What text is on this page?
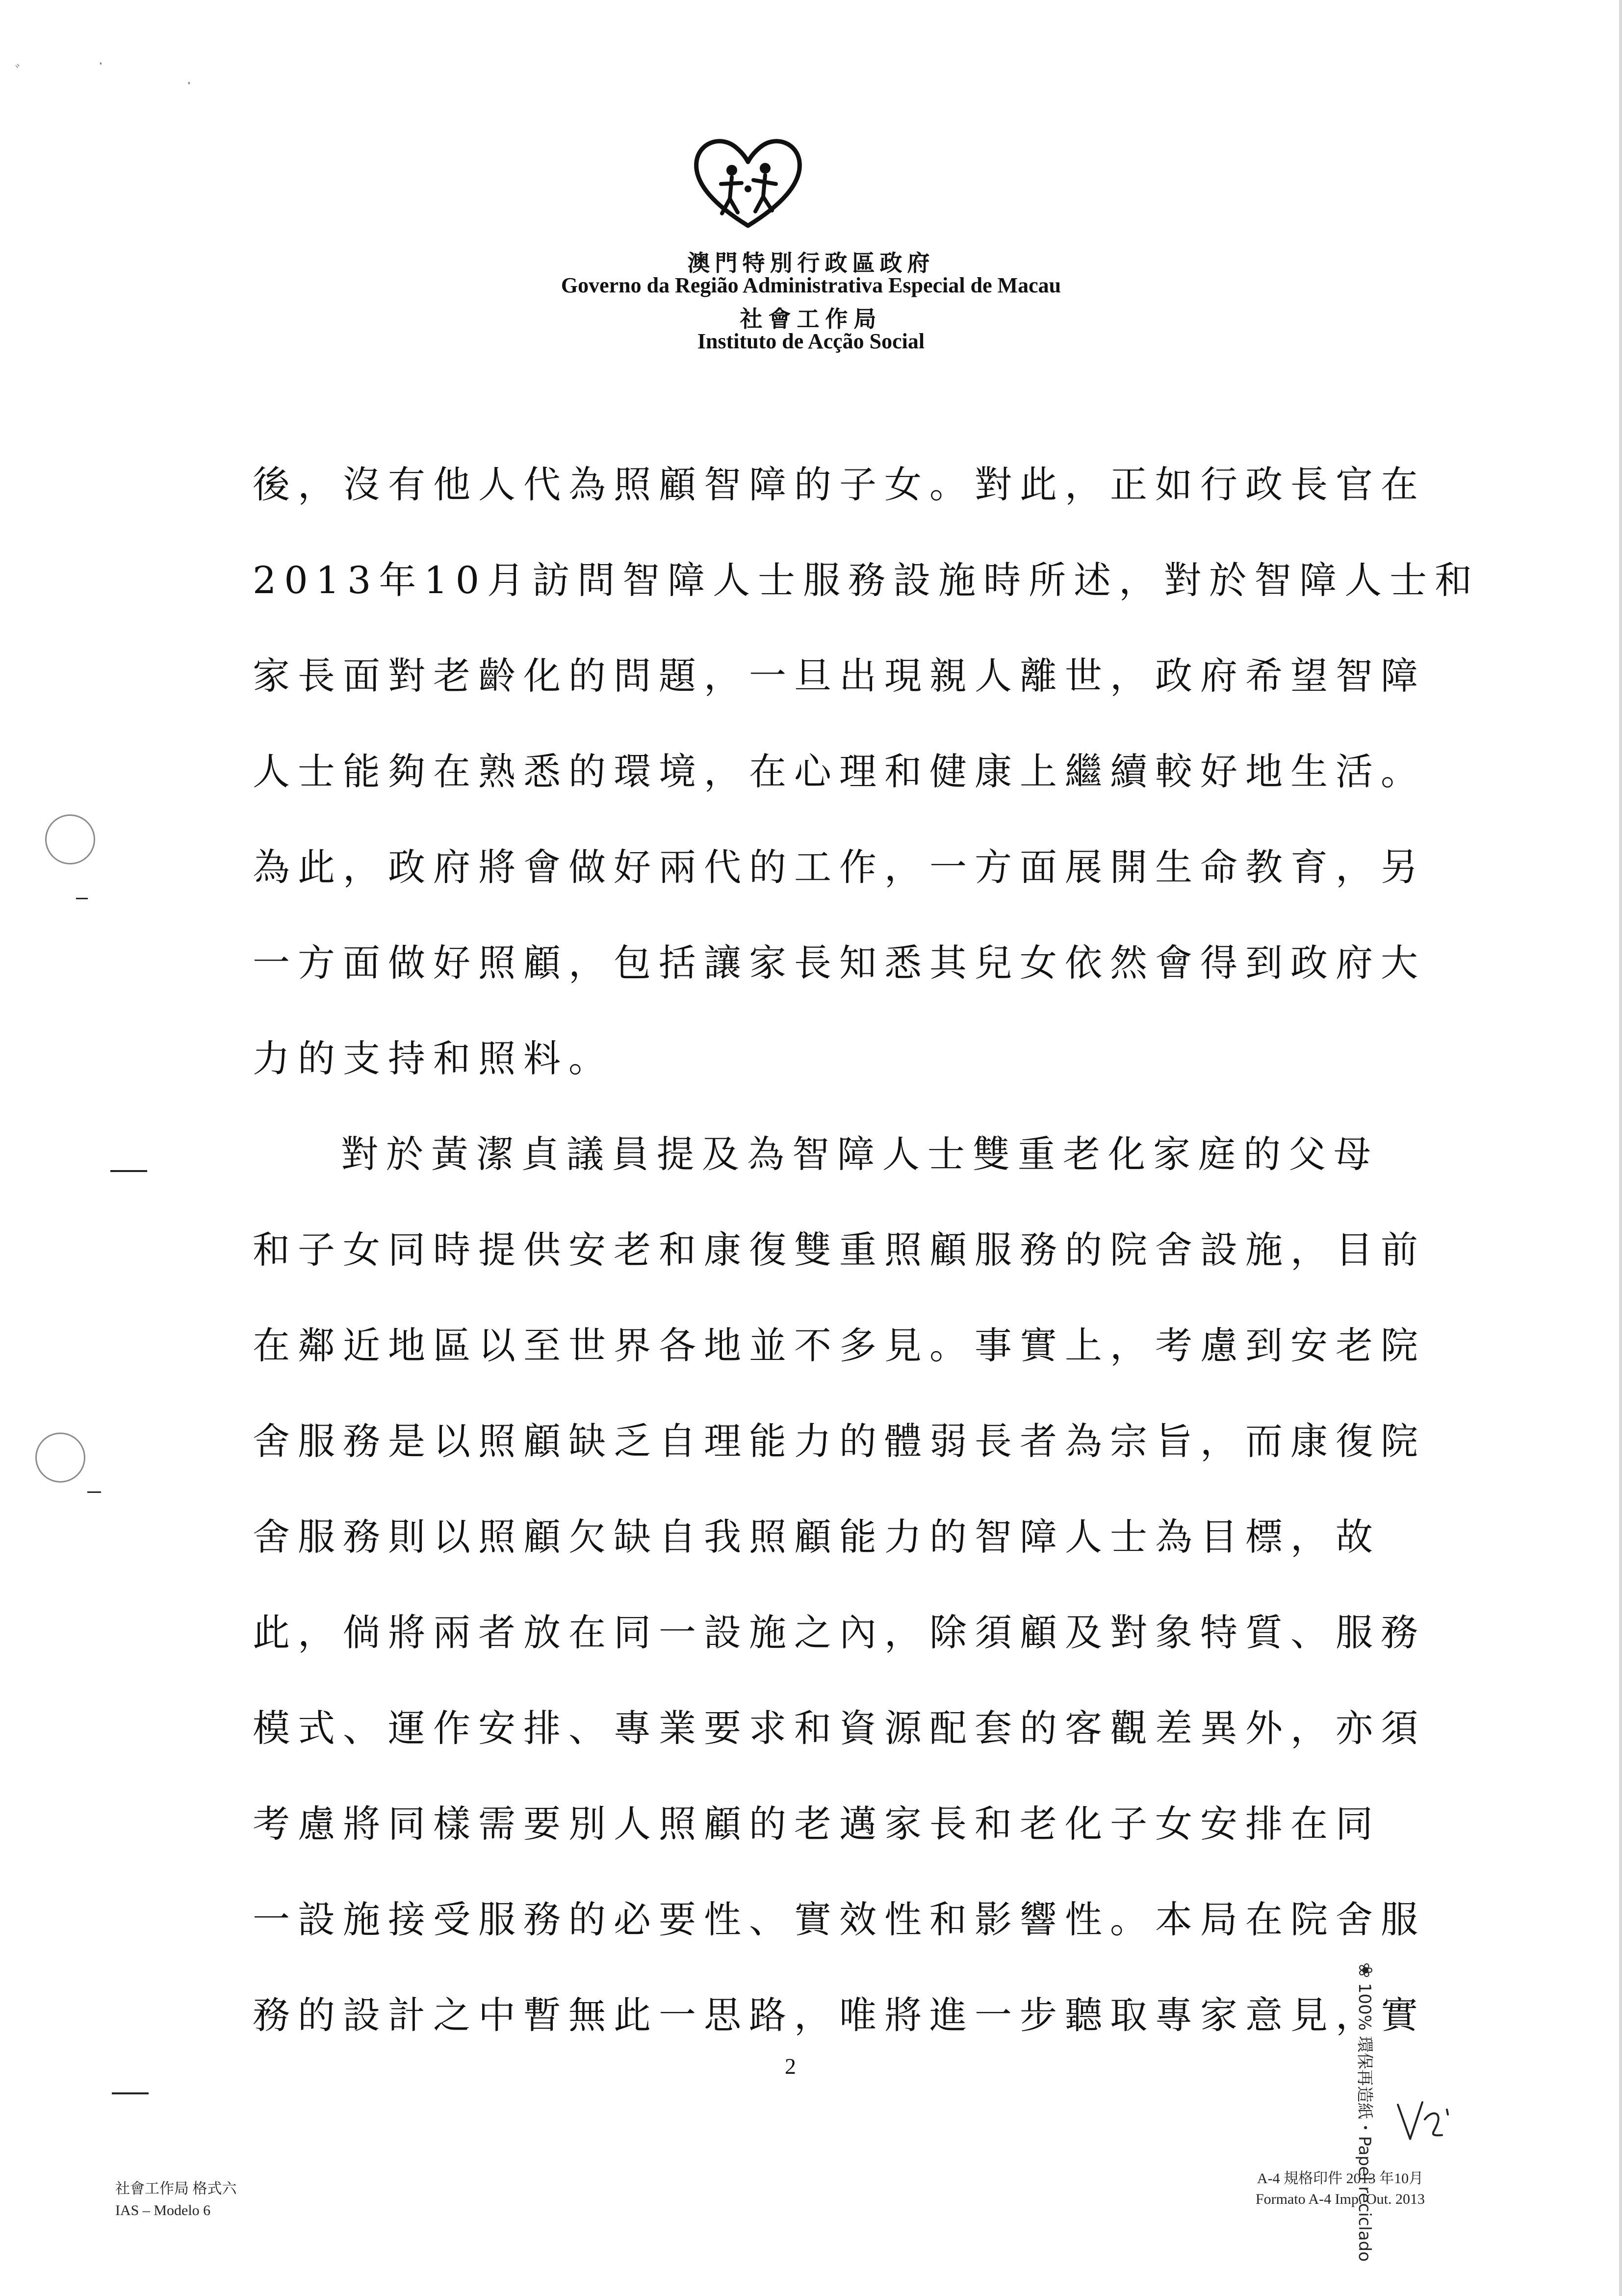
ﾞ	·
·
澳門特別行政區政府
Governo da Região Administrativa Especial de Macau
社會工作局
Instituto de Acção Social
後，沒有他人代為照顧智障的子女。對此，正如行政長官在
2013年10月訪問智障人士服務設施時所述，對於智障人士和
家長面對老齡化的問題，一旦出現親人離世，政府希望智障
人士能夠在熟悉的環境，在心理和健康上繼續較好地生活。
為此，政府將會做好兩代的工作，一方面展開生命教育，另
一方面做好照顧，包括讓家長知悉其兒女依然會得到政府大
力的支持和照料。
對於黃潔貞議員提及為智障人士雙重老化家庭的父母
和子女同時提供安老和康復雙重照顧服務的院舍設施，目前
在鄰近地區以至世界各地並不多見。事實上，考慮到安老院
舍服務是以照顧缺乏自理能力的體弱長者為宗旨，而康復院
舍服務則以照顧欠缺自我照顧能力的智障人士為目標，故
此，倘將兩者放在同一設施之內，除須顧及對象特質、服務
模式、運作安排、專業要求和資源配套的客觀差異外，亦須
考慮將同樣需要別人照顧的老邁家長和老化子女安排在同
一設施接受服務的必要性、實效性和影響性。本局在院舍服
務的設計之中暫無此一思路，唯將進一步聽取專家意見，實
2
❀100% 環保再造紙・Papel reciclado
社會工作局 格式六
IAS – Modelo 6
A-4 規格印件 2013 年10月
Formato A-4 Imp. Out. 2013
